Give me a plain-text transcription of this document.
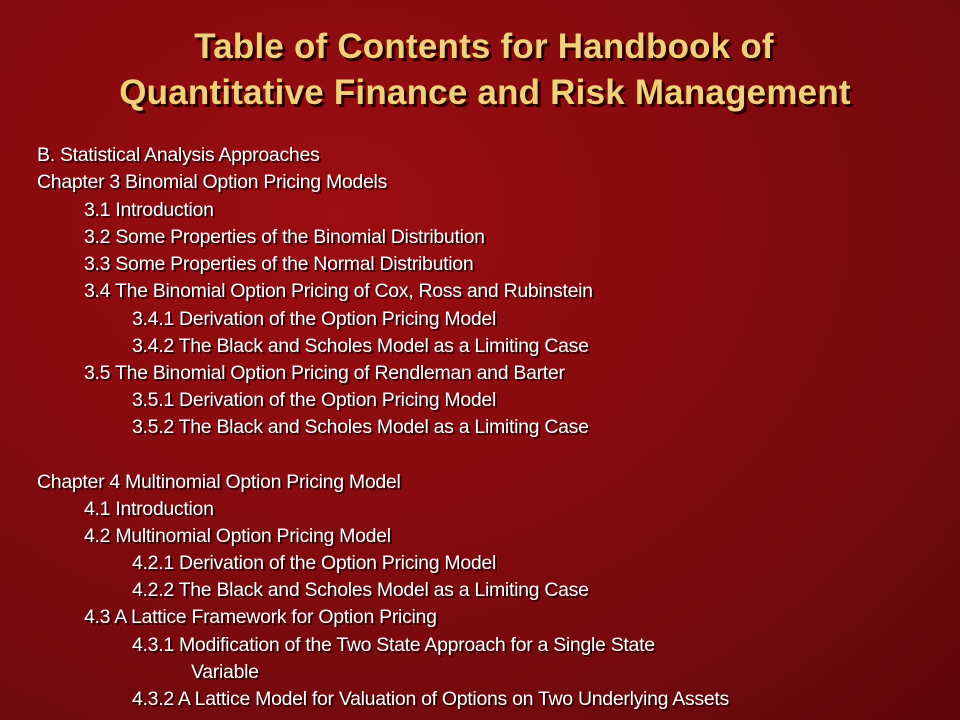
Table of Contents for Handbook of
Quantitative Finance and Risk Management
B. Statistical Analysis Approaches
Chapter 3 Binomial Option Pricing Models
3.1 Introduction
3.2 Some Properties of the Binomial Distribution
3.3 Some Properties of the Normal Distribution
3.4 The Binomial Option Pricing of Cox, Ross and Rubinstein
3.4.1 Derivation of the Option Pricing Model
3.4.2 The Black and Scholes Model as a Limiting Case
3.5 The Binomial Option Pricing of Rendleman and Barter
3.5.1 Derivation of the Option Pricing Model
3.5.2 The Black and Scholes Model as a Limiting Case
Chapter 4 Multinomial Option Pricing Model
4.1 Introduction
4.2 Multinomial Option Pricing Model
4.2.1 Derivation of the Option Pricing Model
4.2.2 The Black and Scholes Model as a Limiting Case
4.3 A Lattice Framework for Option Pricing
4.3.1 Modification of the Two State Approach for a Single State
Variable
4.3.2 A Lattice Model for Valuation of Options on Two Underlying Assets
